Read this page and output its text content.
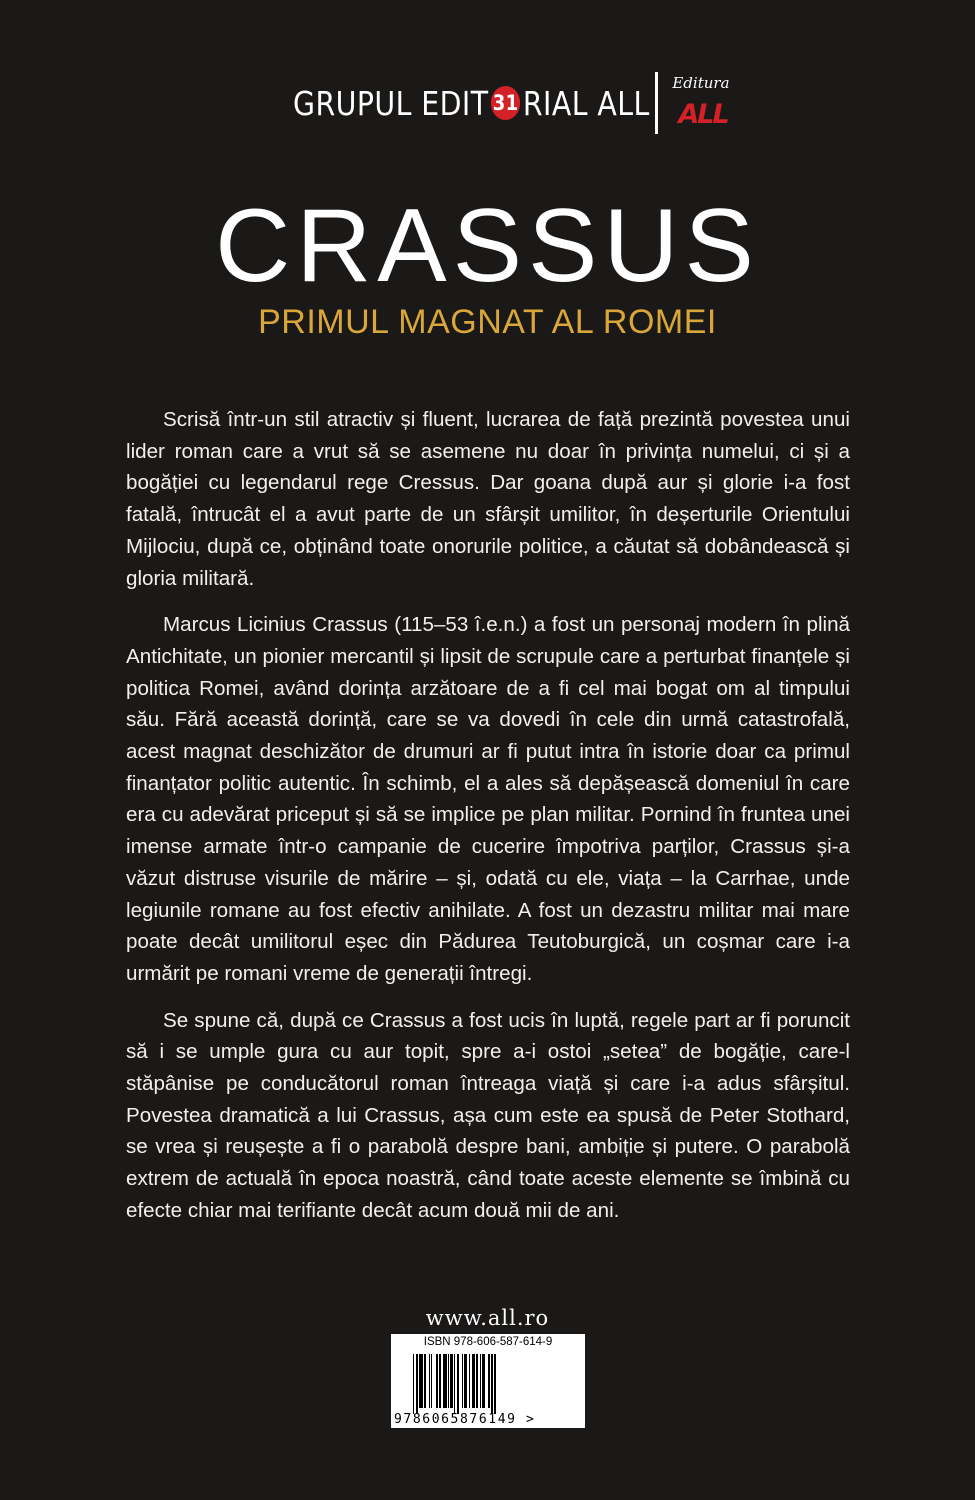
GRUPUL EDIT 31 RIAL ALL
Editura
ALL
CRASSUS
PRIMUL MAGNAT AL ROMEI

Scrisă într-un stil atractiv și fluent, lucrarea de față prezintă povestea unui lider roman care a vrut să se asemene nu doar în privința numelui, ci și a bogăției cu legendarul rege Cressus. Dar goana după aur și glorie i-a fost fatală, întrucât el a avut parte de un sfârșit umilitor, în deșerturile Orientului Mijlociu, după ce, obținând toate onorurile politice, a căutat să dobândească și gloria militară.

Marcus Licinius Crassus (115–53 î.e.n.) a fost un personaj modern în plină Antichitate, un pionier mercantil și lipsit de scrupule care a perturbat finanțele și politica Romei, având dorința arzătoare de a fi cel mai bogat om al timpului său. Fără această dorință, care se va dovedi în cele din urmă catastrofală, acest magnat deschizător de drumuri ar fi putut intra în istorie doar ca primul finanțator politic autentic. În schimb, el a ales să depășească domeniul în care era cu adevărat priceput și să se implice pe plan militar. Pornind în fruntea unei imense armate într-o campanie de cucerire împotriva parților, Crassus și-a văzut distruse visurile de mărire – și, odată cu ele, viața – la Carrhae, unde legiunile romane au fost efectiv anihilate. A fost un dezastru militar mai mare poate decât umilitorul eșec din Pădurea Teutoburgică, un coșmar care i-a urmărit pe romani vreme de generații întregi.

Se spune că, după ce Crassus a fost ucis în luptă, regele part ar fi poruncit să i se umple gura cu aur topit, spre a-i ostoi „setea” de bogăție, care-l stăpânise pe conducătorul roman întreaga viață și care i-a adus sfârșitul. Povestea dramatică a lui Crassus, așa cum este ea spusă de Peter Stothard, se vrea și reușește a fi o parabolă despre bani, ambiție și putere. O parabolă extrem de actuală în epoca noastră, când toate aceste elemente se îmbină cu efecte chiar mai terifiante decât acum două mii de ani.

www.all.ro
ISBN 978-606-587-614-9
9786065876149 >
